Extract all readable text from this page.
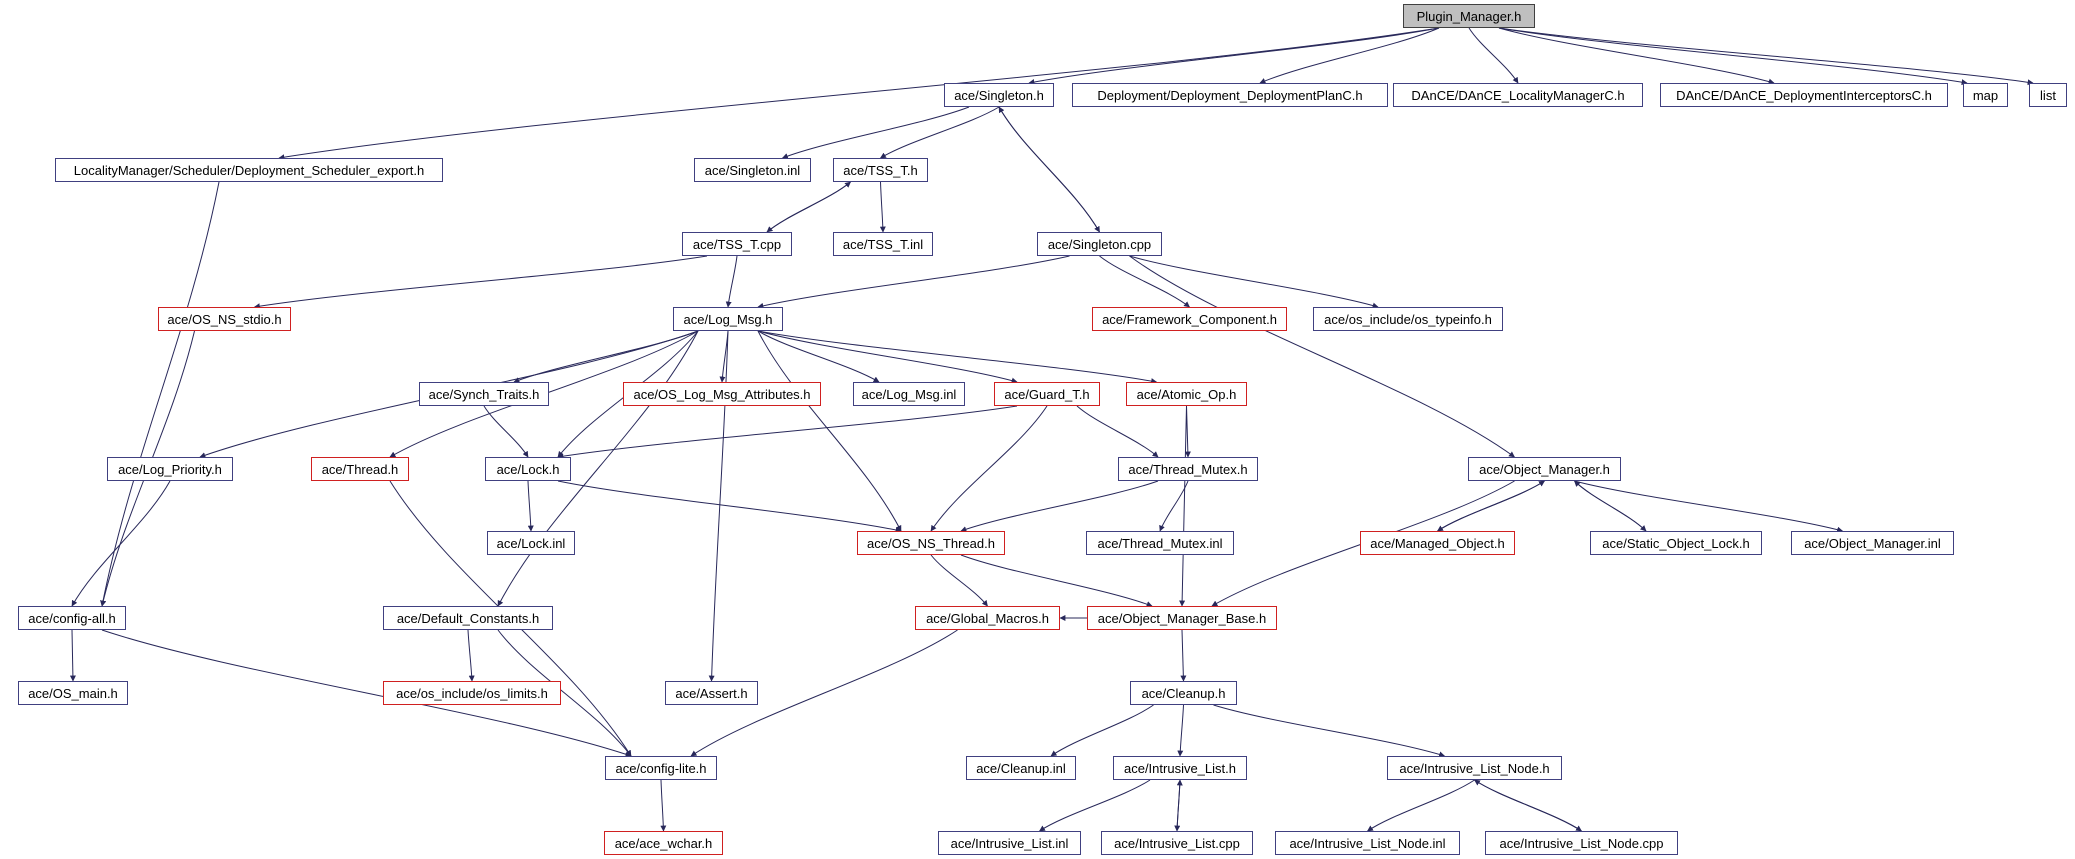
Plugin_Manager.h
ace/Singleton.h	Deployment/Deployment_DeploymentPlanC.h	DAnCE/DAnCE_LocalityManagerC.h	DAnCE/DAnCE_DeploymentInterceptorsC.h	map	list
LocalityManager/Scheduler/Deployment_Scheduler_export.h	ace/Singleton.inl	ace/TSS_T.h
ace/TSS_T.cpp	ace/TSS_T.inl	ace/Singleton.cpp
ace/OS_NS_stdio.h	ace/Log_Msg.h	ace/Framework_Component.h	ace/os_include/os_typeinfo.h
ace/Synch_Traits.h	ace/OS_Log_Msg_Attributes.h	ace/Log_Msg.inl	ace/Guard_T.h	ace/Atomic_Op.h
ace/Log_Priority.h	ace/Thread.h	ace/Lock.h	ace/Thread_Mutex.h	ace/Object_Manager.h
ace/Lock.inl	ace/OS_NS_Thread.h	ace/Thread_Mutex.inl	ace/Managed_Object.h	ace/Static_Object_Lock.h	ace/Object_Manager.inl
ace/config-all.h	ace/Default_Constants.h	ace/Global_Macros.h	ace/Object_Manager_Base.h
ace/OS_main.h	ace/os_include/os_limits.h	ace/Assert.h	ace/Cleanup.h
ace/config-lite.h	ace/Cleanup.inl	ace/Intrusive_List.h	ace/Intrusive_List_Node.h
ace/ace_wchar.h	ace/Intrusive_List.inl	ace/Intrusive_List.cpp	ace/Intrusive_List_Node.inl	ace/Intrusive_List_Node.cpp
